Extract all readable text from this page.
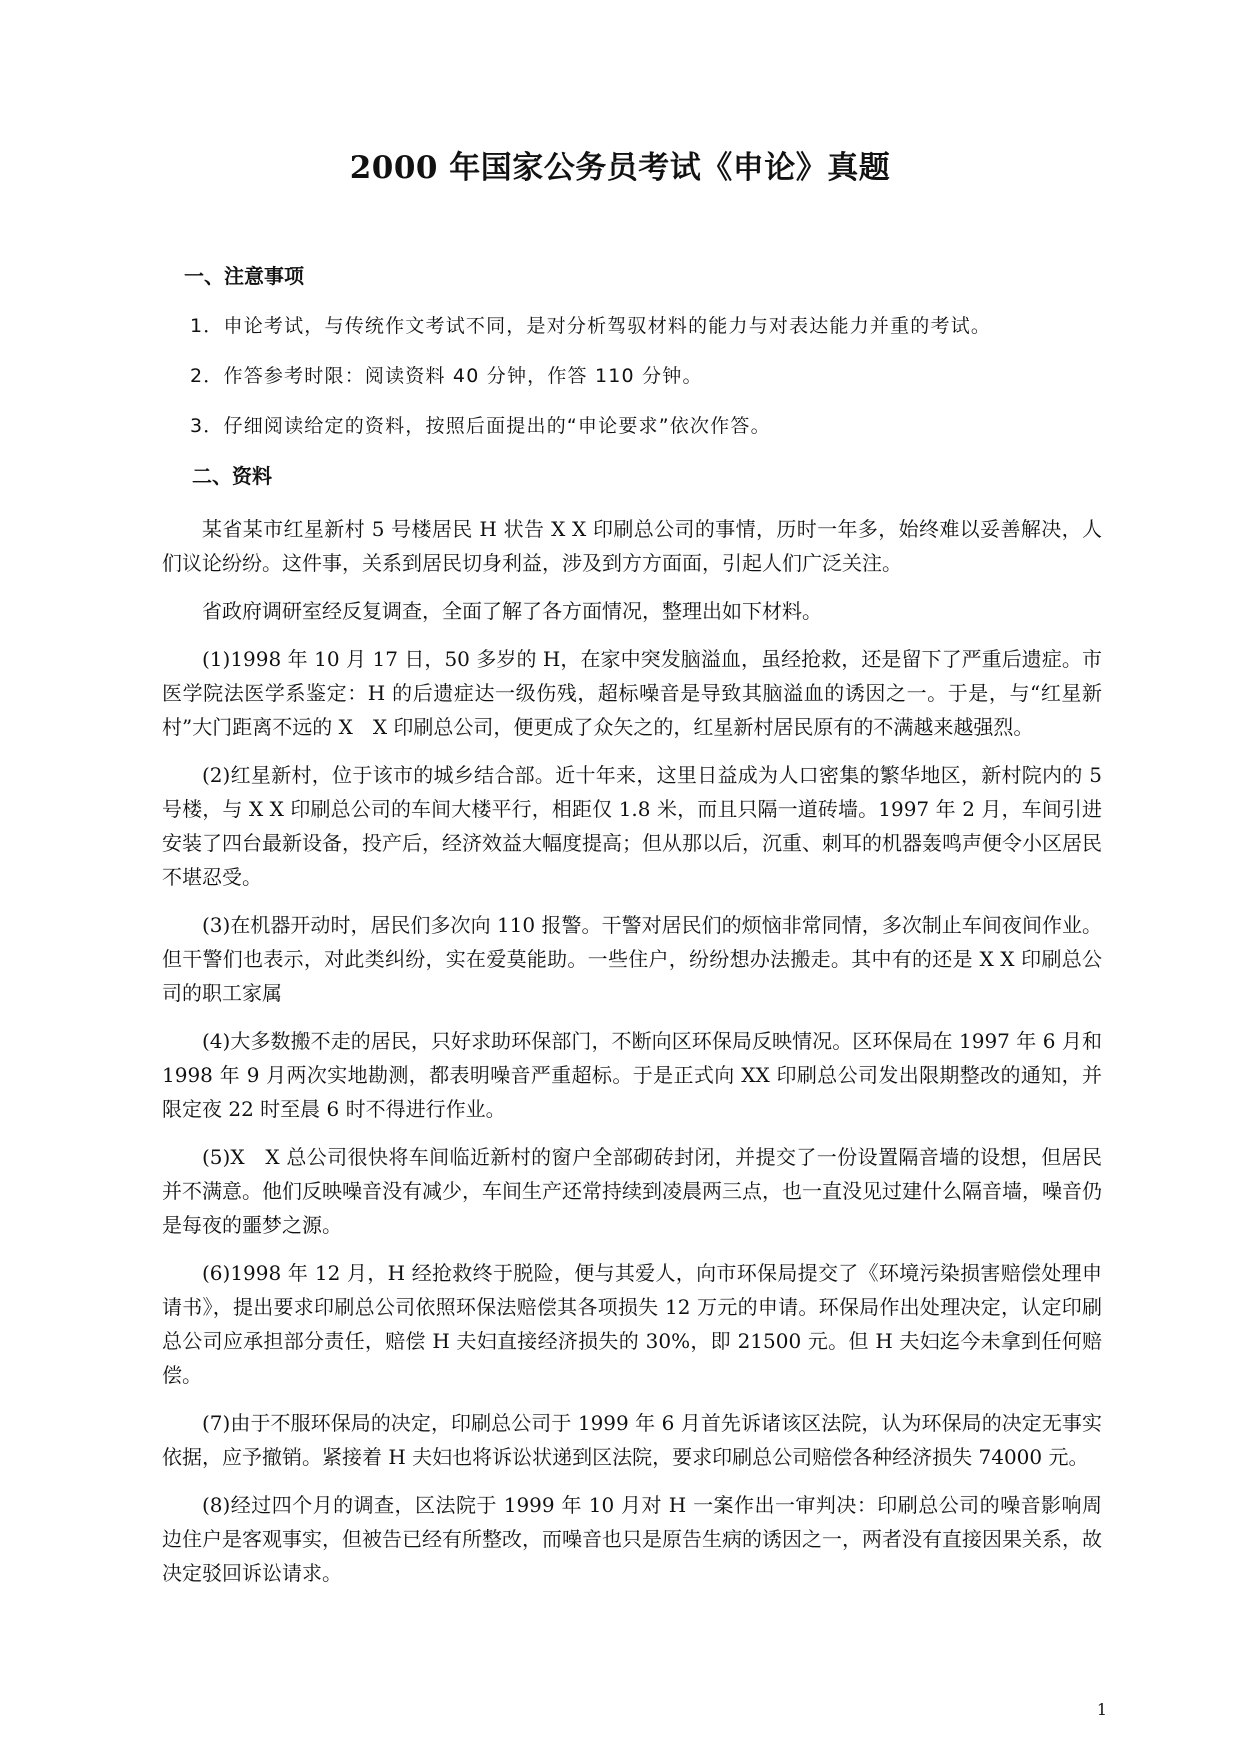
2000 年国家公务员考试《申论》真题
一、注意事项
1．申论考试，与传统作文考试不同，是对分析驾驭材料的能力与对表达能力并重的考试。
2．作答参考时限：阅读资料 40 分钟，作答 110 分钟。
3．仔细阅读给定的资料，按照后面提出的“申论要求”依次作答。
二、资料

某省某市红星新村 5 号楼居民 H 状告 X X 印刷总公司的事情，历时一年多，始终难以妥善解决，人们议论纷纷。这件事，关系到居民切身利益，涉及到方方面面，引起人们广泛关注。

省政府调研室经反复调查，全面了解了各方面情况，整理出如下材料。

(1)1998 年 10 月 17 日，50 多岁的 H，在家中突发脑溢血，虽经抢救，还是留下了严重后遗症。市医学院法医学系鉴定：H 的后遗症达一级伤残，超标噪音是导致其脑溢血的诱因之一。于是，与“红星新村”大门距离不远的 X　X 印刷总公司，便更成了众矢之的，红星新村居民原有的不满越来越强烈。

(2)红星新村，位于该市的城乡结合部。近十年来，这里日益成为人口密集的繁华地区，新村院内的 5 号楼，与 X X 印刷总公司的车间大楼平行，相距仅 1.8 米，而且只隔一道砖墙。1997 年 2 月，车间引进安装了四台最新设备，投产后，经济效益大幅度提高；但从那以后，沉重、刺耳的机器轰鸣声便令小区居民不堪忍受。

(3)在机器开动时，居民们多次向 110 报警。干警对居民们的烦恼非常同情，多次制止车间夜间作业。但干警们也表示，对此类纠纷，实在爱莫能助。一些住户，纷纷想办法搬走。其中有的还是 X X 印刷总公司的职工家属

(4)大多数搬不走的居民，只好求助环保部门，不断向区环保局反映情况。区环保局在 1997 年 6 月和 1998 年 9 月两次实地勘测，都表明噪音严重超标。于是正式向 XX 印刷总公司发出限期整改的通知，并限定夜 22 时至晨 6 时不得进行作业。

(5)X　X 总公司很快将车间临近新村的窗户全部砌砖封闭，并提交了一份设置隔音墙的设想，但居民并不满意。他们反映噪音没有减少，车间生产还常持续到凌晨两三点，也一直没见过建什么隔音墙，噪音仍是每夜的噩梦之源。

(6)1998 年 12 月，H 经抢救终于脱险，便与其爱人，向市环保局提交了《环境污染损害赔偿处理申请书》，提出要求印刷总公司依照环保法赔偿其各项损失 12 万元的申请。环保局作出处理决定，认定印刷总公司应承担部分责任，赔偿 H 夫妇直接经济损失的 30%，即 21500 元。但 H 夫妇迄今未拿到任何赔偿。

(7)由于不服环保局的决定，印刷总公司于 1999 年 6 月首先诉诸该区法院，认为环保局的决定无事实依据，应予撤销。紧接着 H 夫妇也将诉讼状递到区法院，要求印刷总公司赔偿各种经济损失 74000 元。

(8)经过四个月的调查，区法院于 1999 年 10 月对 H 一案作出一审判决：印刷总公司的噪音影响周边住户是客观事实，但被告已经有所整改，而噪音也只是原告生病的诱因之一，两者没有直接因果关系，故决定驳回诉讼请求。

1
